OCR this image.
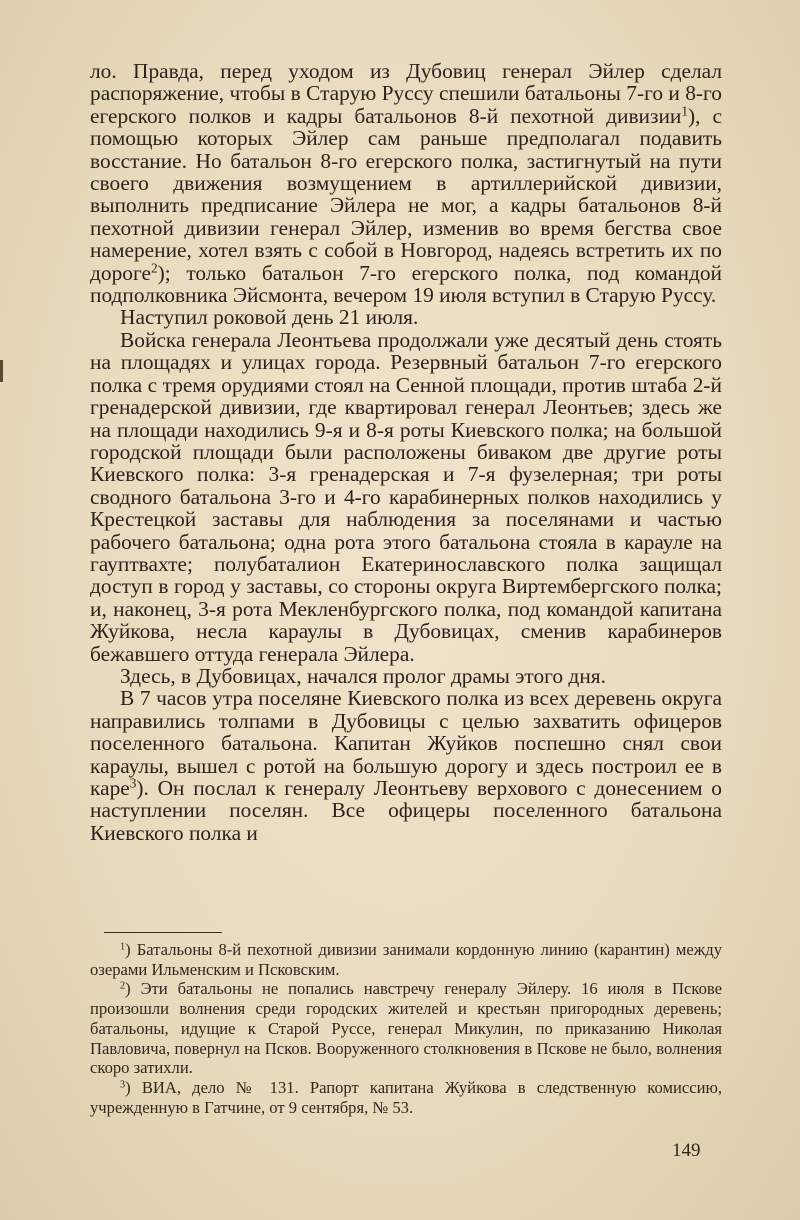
ло. Правда, перед уходом из Дубовиц генерал Эйлер сделал распоряжение, чтобы в Старую Руссу спешили батальоны 7-го и 8-го егерского полков и кадры батальонов 8-й пехотной дивизии$^1$), с помощью которых Эйлер сам раньше предполагал подавить восстание. Но батальон 8-го егерского полка, застигнутый на пути своего движения возмущением в артиллерийской дивизии, выполнить предписание Эйлера не мог, а кадры батальонов 8-й пехотной дивизии генерал Эйлер, изменив во время бегства свое намерение, хотел взять с собой в Новгород, надеясь встретить их по дороге$^2$); только батальон 7-го егерского полка, под командой подполковника Эйсмонта, вечером 19 июля вступил в Старую Руссу.

Наступил роковой день 21 июля.

Войска генерала Леонтьева продолжали уже десятый день стоять на площадях и улицах города. Резервный батальон 7-го егерского полка с тремя орудиями стоял на Сенной площади, против штаба 2-й гренадерской дивизии, где квартировал генерал Леонтьев; здесь же на площади находились 9-я и 8-я роты Киевского полка; на большой городской площади были расположены биваком две другие роты Киевского полка: 3-я гренадерская и 7-я фузелерная; три роты сводного батальона 3-го и 4-го карабинерных полков находились у Крестецкой заставы для наблюдения за поселянами и частью рабочего батальона; одна рота этого батальона стояла в карауле на гауптвахте; полубаталион Екатеринославского полка защищал доступ в город у заставы, со стороны округа Виртембергского полка; и, наконец, 3-я рота Мекленбургского полка, под командой капитана Жуйкова, несла караулы в Дубовицах, сменив карабинеров бежавшего оттуда генерала Эйлера.

Здесь, в Дубовицах, начался пролог драмы этого дня.

В 7 часов утра поселяне Киевского полка из всех деревень округа направились толпами в Дубовицы с целью захватить офицеров поселенного батальона. Капитан Жуйков поспешно снял свои караулы, вышел с ротой на большую дорогу и здесь построил ее в каре$^3$). Он послал к генералу Леонтьеву верхового с донесением о наступлении поселян. Все офицеры поселенного батальона Киевского полка и

$^1$) Батальоны 8-й пехотной дивизии занимали кордонную линию (карантин) между озерами Ильменским и Псковским.

$^2$) Эти батальоны не попались навстречу генералу Эйлеру. 16 июля в Пскове произошли волнения среди городских жителей и крестьян пригородных деревень; батальоны, идущие к Старой Руссе, генерал Микулин, по приказанию Николая Павловича, повернул на Псков. Вооруженного столкновения в Пскове не было, волнения скоро затихли.

$^3$) ВИА, дело № 131. Рапорт капитана Жуйкова в следственную комиссию, учрежденную в Гатчине, от 9 сентября, № 53.

149
